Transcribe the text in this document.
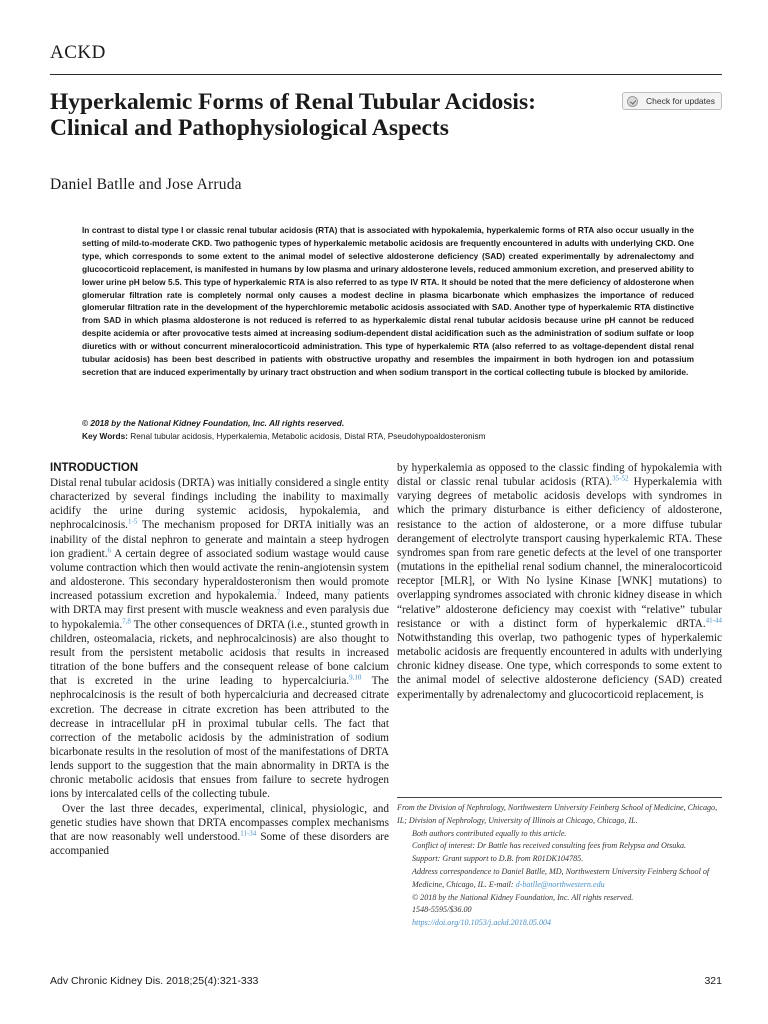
ACKD
Hyperkalemic Forms of Renal Tubular Acidosis: Clinical and Pathophysiological Aspects
Check for updates
Daniel Batlle and Jose Arruda
In contrast to distal type I or classic renal tubular acidosis (RTA) that is associated with hypokalemia, hyperkalemic forms of RTA also occur usually in the setting of mild-to-moderate CKD. Two pathogenic types of hyperkalemic metabolic acidosis are frequently encountered in adults with underlying CKD. One type, which corresponds to some extent to the animal model of selective aldosterone deficiency (SAD) created experimentally by adrenalectomy and glucocorticoid replacement, is manifested in humans by low plasma and urinary aldosterone levels, reduced ammonium excretion, and preserved ability to lower urine pH below 5.5. This type of hyperkalemic RTA is also referred to as type IV RTA. It should be noted that the mere deficiency of aldosterone when glomerular filtration rate is completely normal only causes a modest decline in plasma bicarbonate which emphasizes the importance of reduced glomerular filtration rate in the development of the hyperchloremic metabolic acidosis associated with SAD. Another type of hyperkalemic RTA distinctive from SAD in which plasma aldosterone is not reduced is referred to as hyperkalemic distal renal tubular acidosis because urine pH cannot be reduced despite acidemia or after provocative tests aimed at increasing sodium-dependent distal acidification such as the administration of sodium sulfate or loop diuretics with or without concurrent mineralocorticoid administration. This type of hyperkalemic RTA (also referred to as voltage-dependent distal renal tubular acidosis) has been best described in patients with obstructive uropathy and resembles the impairment in both hydrogen ion and potassium secretion that are induced experimentally by urinary tract obstruction and when sodium transport in the cortical collecting tubule is blocked by amiloride.
© 2018 by the National Kidney Foundation, Inc. All rights reserved.
Key Words: Renal tubular acidosis, Hyperkalemia, Metabolic acidosis, Distal RTA, Pseudohypoaldosteronism
INTRODUCTION

Distal renal tubular acidosis (DRTA) was initially considered a single entity characterized by several findings including the inability to maximally acidify the urine during systemic acidosis, hypokalemia, and nephrocalcinosis.$^{1-5}$ The mechanism proposed for DRTA initially was an inability of the distal nephron to generate and maintain a steep hydrogen ion gradient.$^6$ A certain degree of associated sodium wastage would cause volume contraction which then would activate the renin-angiotensin system and aldosterone. This secondary hyperaldosteronism then would promote increased potassium excretion and hypokalemia.$^7$ Indeed, many patients with DRTA may first present with muscle weakness and even paralysis due to hypokalemia.$^{7,8}$ The other consequences of DRTA (i.e., stunted growth in children, osteomalacia, rickets, and nephrocalcinosis) are also thought to result from the persistent metabolic acidosis that results in increased titration of the bone buffers and the consequent release of bone calcium that is excreted in the urine leading to hypercalciuria.$^{9,10}$ The nephrocalcinosis is the result of both hypercalciuria and decreased citrate excretion. The decrease in citrate excretion has been attributed to the decrease in intracellular pH in proximal tubular cells. The fact that correction of the metabolic acidosis by the administration of sodium bicarbonate results in the resolution of most of the manifestations of DRTA lends support to the suggestion that the main abnormality in DRTA is the chronic metabolic acidosis that ensues from failure to secrete hydrogen ions by intercalated cells of the collecting tubule.

Over the last three decades, experimental, clinical, physiologic, and genetic studies have shown that DRTA encompasses complex mechanisms that are now reasonably well understood.$^{11-34}$ Some of these disorders are accompanied

by hyperkalemia as opposed to the classic finding of hypokalemia with distal or classic renal tubular acidosis (RTA).$^{35-52}$ Hyperkalemia with varying degrees of metabolic acidosis develops with syndromes in which the primary disturbance is either deficiency of aldosterone, resistance to the action of aldosterone, or a more diffuse tubular derangement of electrolyte transport causing hyperkalemic RTA. These syndromes span from rare genetic defects at the level of one transporter (mutations in the epithelial renal sodium channel, the mineralocorticoid receptor [MLR], or With No lysine Kinase [WNK] mutations) to overlapping syndromes associated with chronic kidney disease in which “relative” aldosterone deficiency may coexist with “relative” tubular resistance or with a distinct form of hyperkalemic dRTA.$^{41-44}$ Notwithstanding this overlap, two pathogenic types of hyperkalemic metabolic acidosis are frequently encountered in adults with underlying chronic kidney disease. One type, which corresponds to some extent to the animal model of selective aldosterone deficiency (SAD) created experimentally by adrenalectomy and glucocorticoid replacement, is

From the Division of Nephrology, Northwestern University Feinberg School of Medicine, Chicago, IL; Division of Nephrology, University of Illinois at Chicago, Chicago, IL.

Both authors contributed equally to this article.

Conflict of interest: Dr Battle has received consulting fees from Relypsa and Otsuka.

Support: Grant support to D.B. from R01DK104785.

Address correspondence to Daniel Batlle, MD, Northwestern University Feinberg School of Medicine, Chicago, IL. E-mail: d-batlle@northwestern.edu

© 2018 by the National Kidney Foundation, Inc. All rights reserved.

1548-5595/$36.00

https://doi.org/10.1053/j.ackd.2018.05.004

Adv Chronic Kidney Dis. 2018;25(4):321-333	321
